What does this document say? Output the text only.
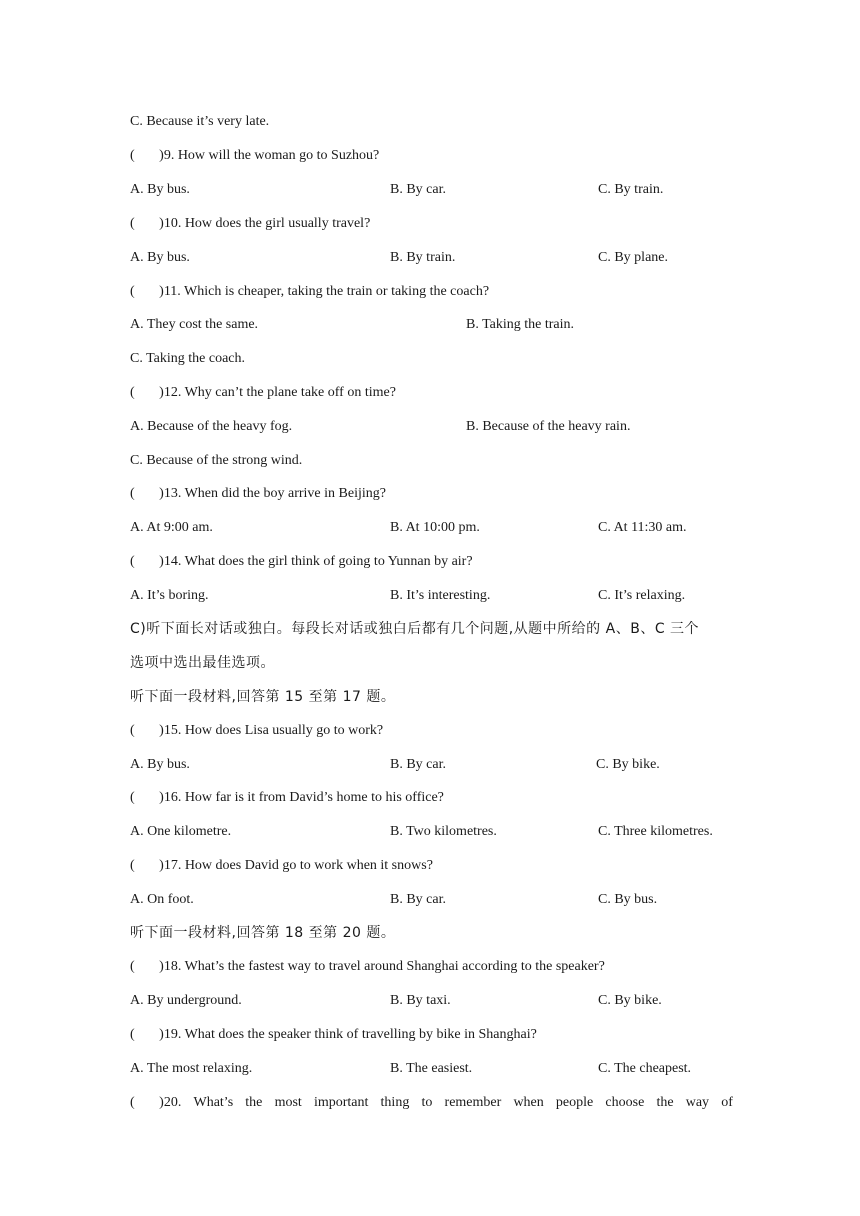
C. Because it’s very late.
(       )9. How will the woman go to Suzhou?
A. By bus.	B. By car.	C. By train.
(       )10. How does the girl usually travel?
A. By bus.	B. By train.	C. By plane.
(       )11. Which is cheaper, taking the train or taking the coach?
A. They cost the same.	B. Taking the train.
C. Taking the coach.
(       )12. Why can’t the plane take off on time?
A. Because of the heavy fog.	B. Because of the heavy rain.
C. Because of the strong wind.
(       )13. When did the boy arrive in Beijing?
A. At 9:00 am.	B. At 10:00 pm.	C. At 11:30 am.
(       )14. What does the girl think of going to Yunnan by air?
A. It’s boring.	B. It’s interesting.	C. It’s relaxing.
C)听下面长对话或独白。每段长对话或独白后都有几个问题,从题中所给的 A、B、C 三个
选项中选出最佳选项。
听下面一段材料,回答第 15 至第 17 题。
(       )15. How does Lisa usually go to work?
A. By bus.	B. By car.	C. By bike.
(       )16. How far is it from David’s home to his office?
A. One kilometre.	B. Two kilometres.	C. Three kilometres.
(       )17. How does David go to work when it snows?
A. On foot.	B. By car.	C. By bus.
听下面一段材料,回答第 18 至第 20 题。
(       )18. What’s the fastest way to travel around Shanghai according to the speaker?
A. By underground.	B. By taxi.	C. By bike.
(       )19. What does the speaker think of travelling by bike in Shanghai?
A. The most relaxing.	B. The easiest.	C. The cheapest.
(       )20. What’s the most important thing to remember when people choose the way of
